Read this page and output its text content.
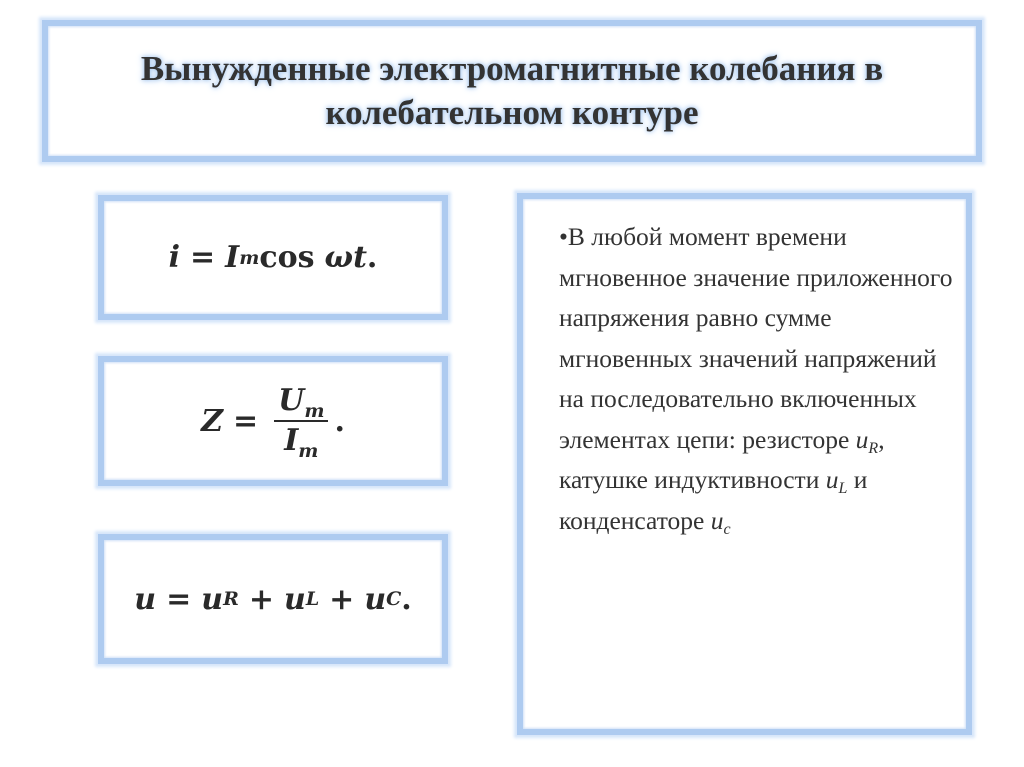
Вынужденные электромагнитные колебания в колебательном контуре
i = I m cos ωt .
$Z = \frac{U_m}{I_m}$ .
u = u R + u L + u C .
•В любой момент времени мгновенное значение приложенного напряжения равно сумме мгновенных значений напряжений на последовательно включенных элементах цепи: резисторе $u_R$, катушке индуктивности $u_L$ и конденсаторе $u_c$
